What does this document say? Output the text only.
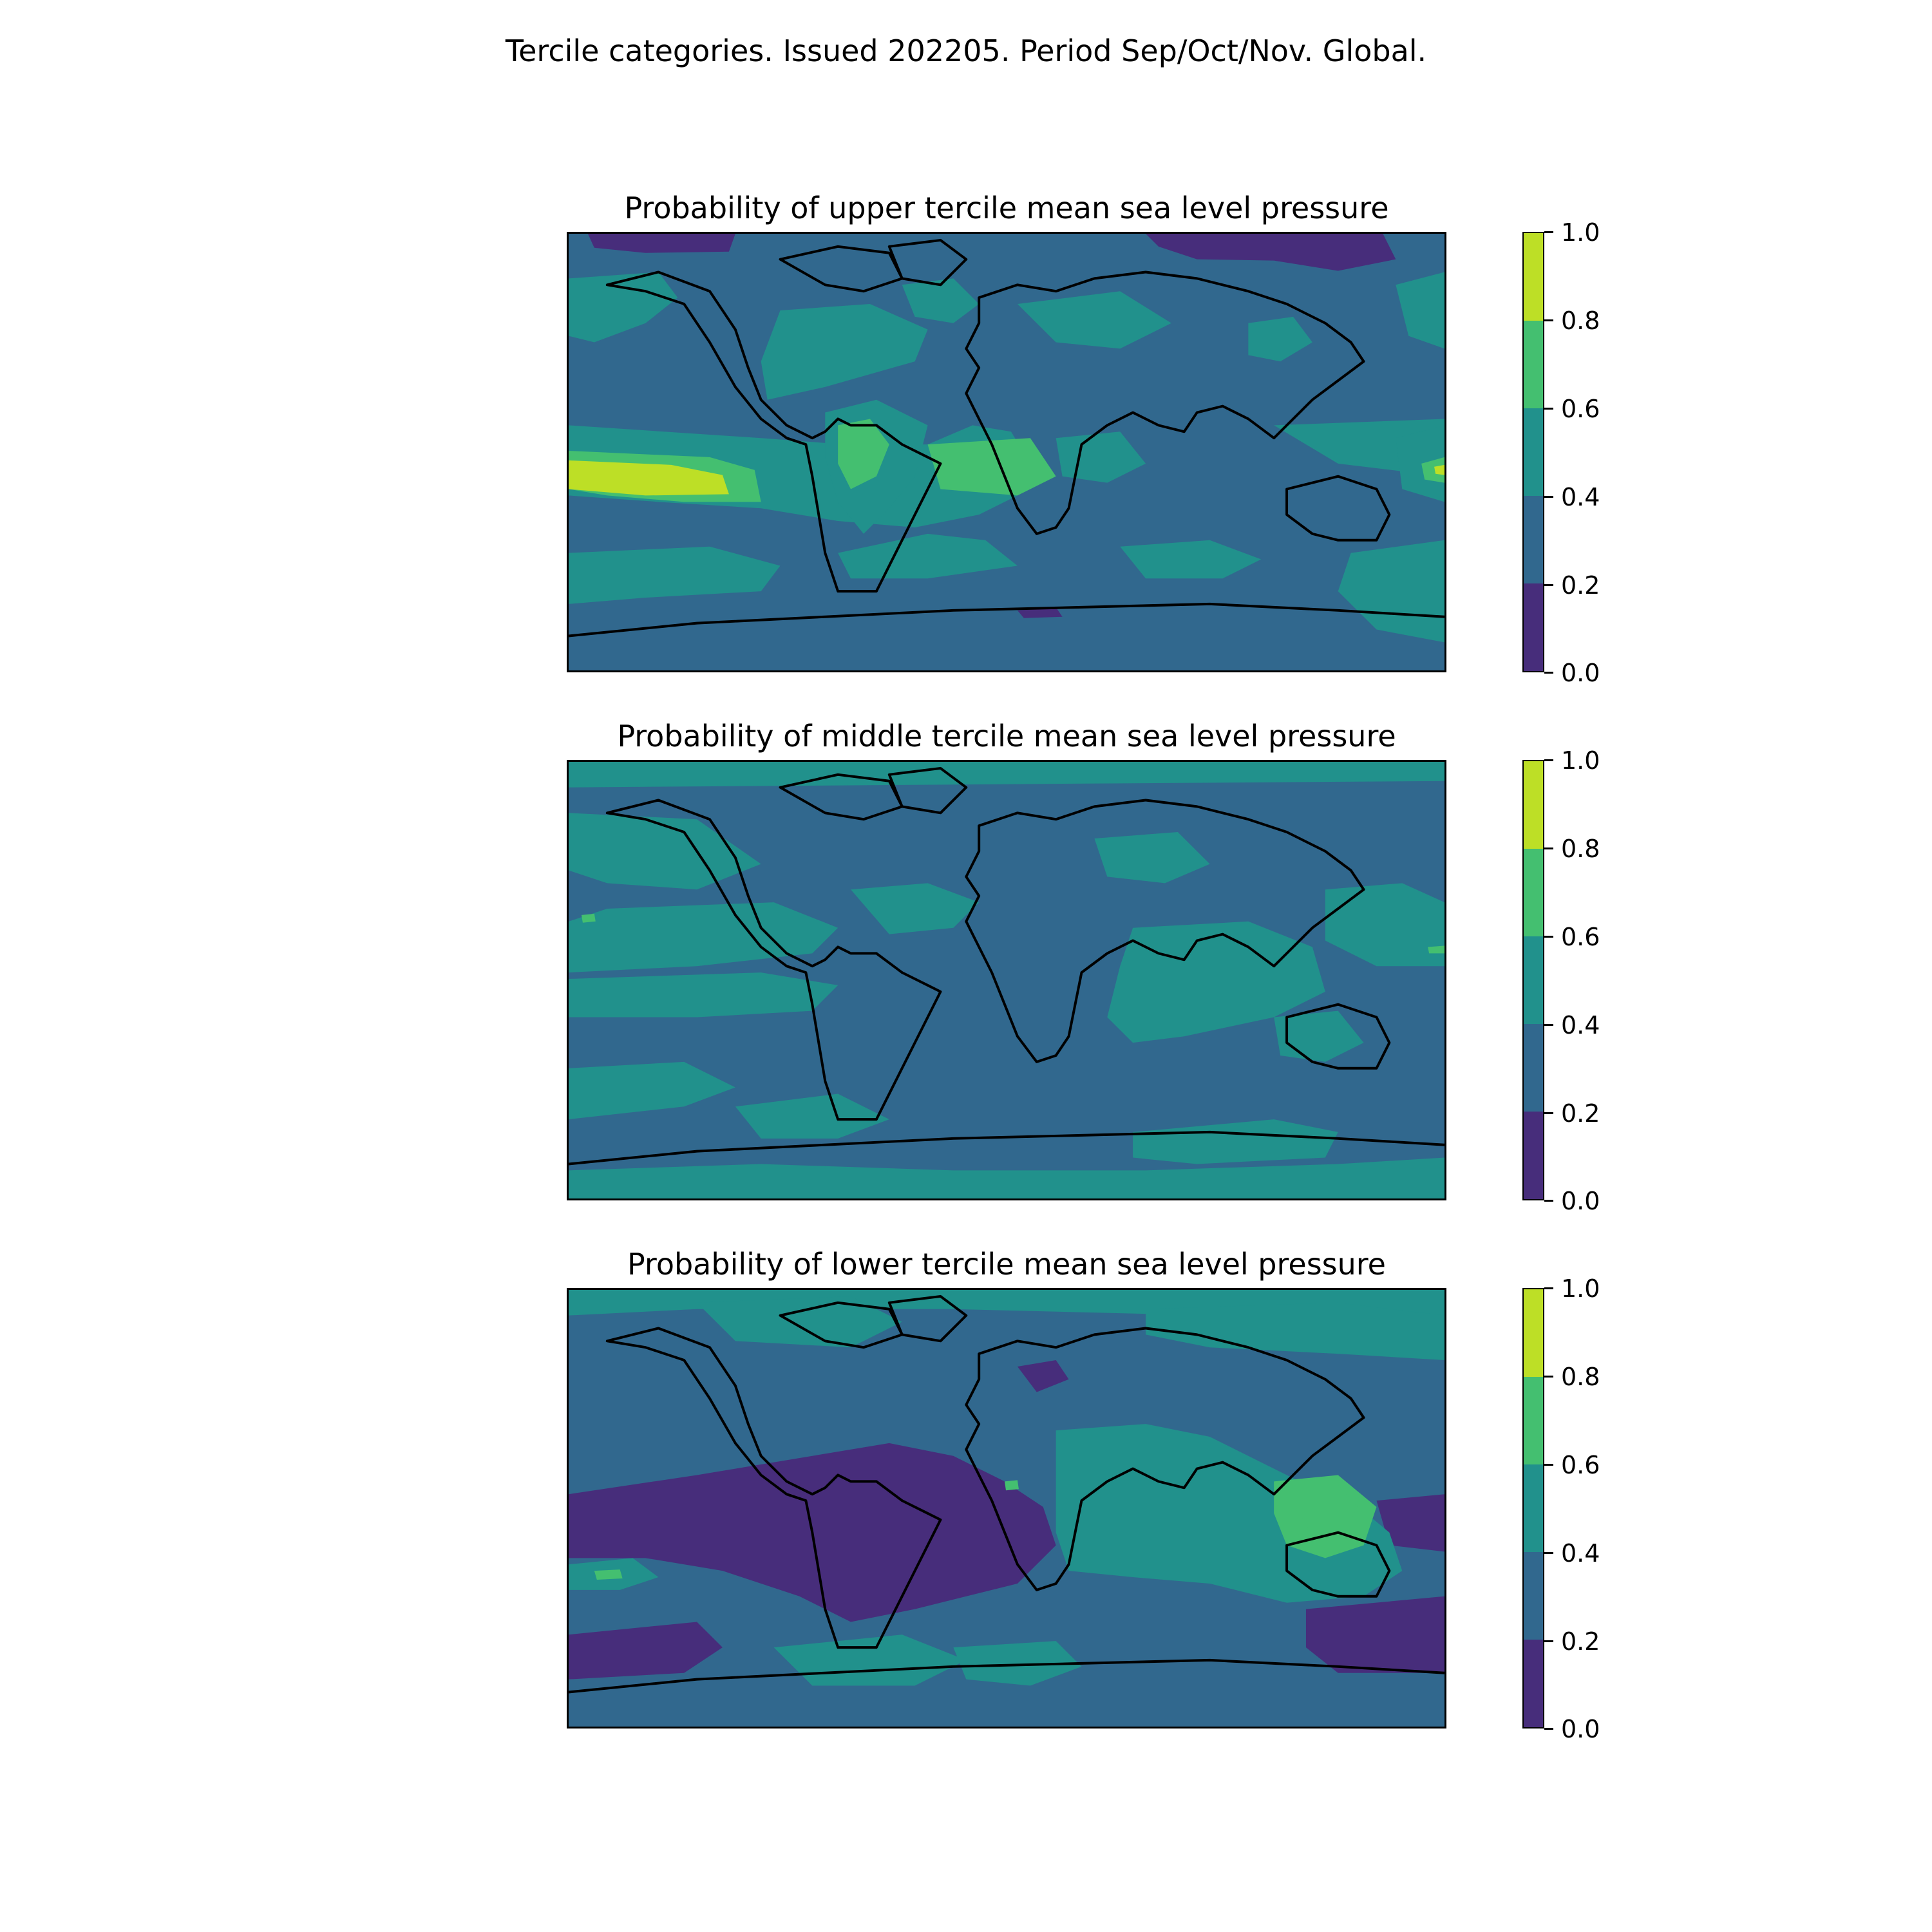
Tercile categories. Issued 202205. Period Sep/Oct/Nov. Global.
Probability of upper tercile mean sea level pressure
1.0
0.8
0.6
0.4
0.2
0.0
Probability of middle tercile mean sea level pressure
1.0
0.8
0.6
0.4
0.2
0.0
Probability of lower tercile mean sea level pressure
1.0
0.8
0.6
0.4
0.2
0.0
